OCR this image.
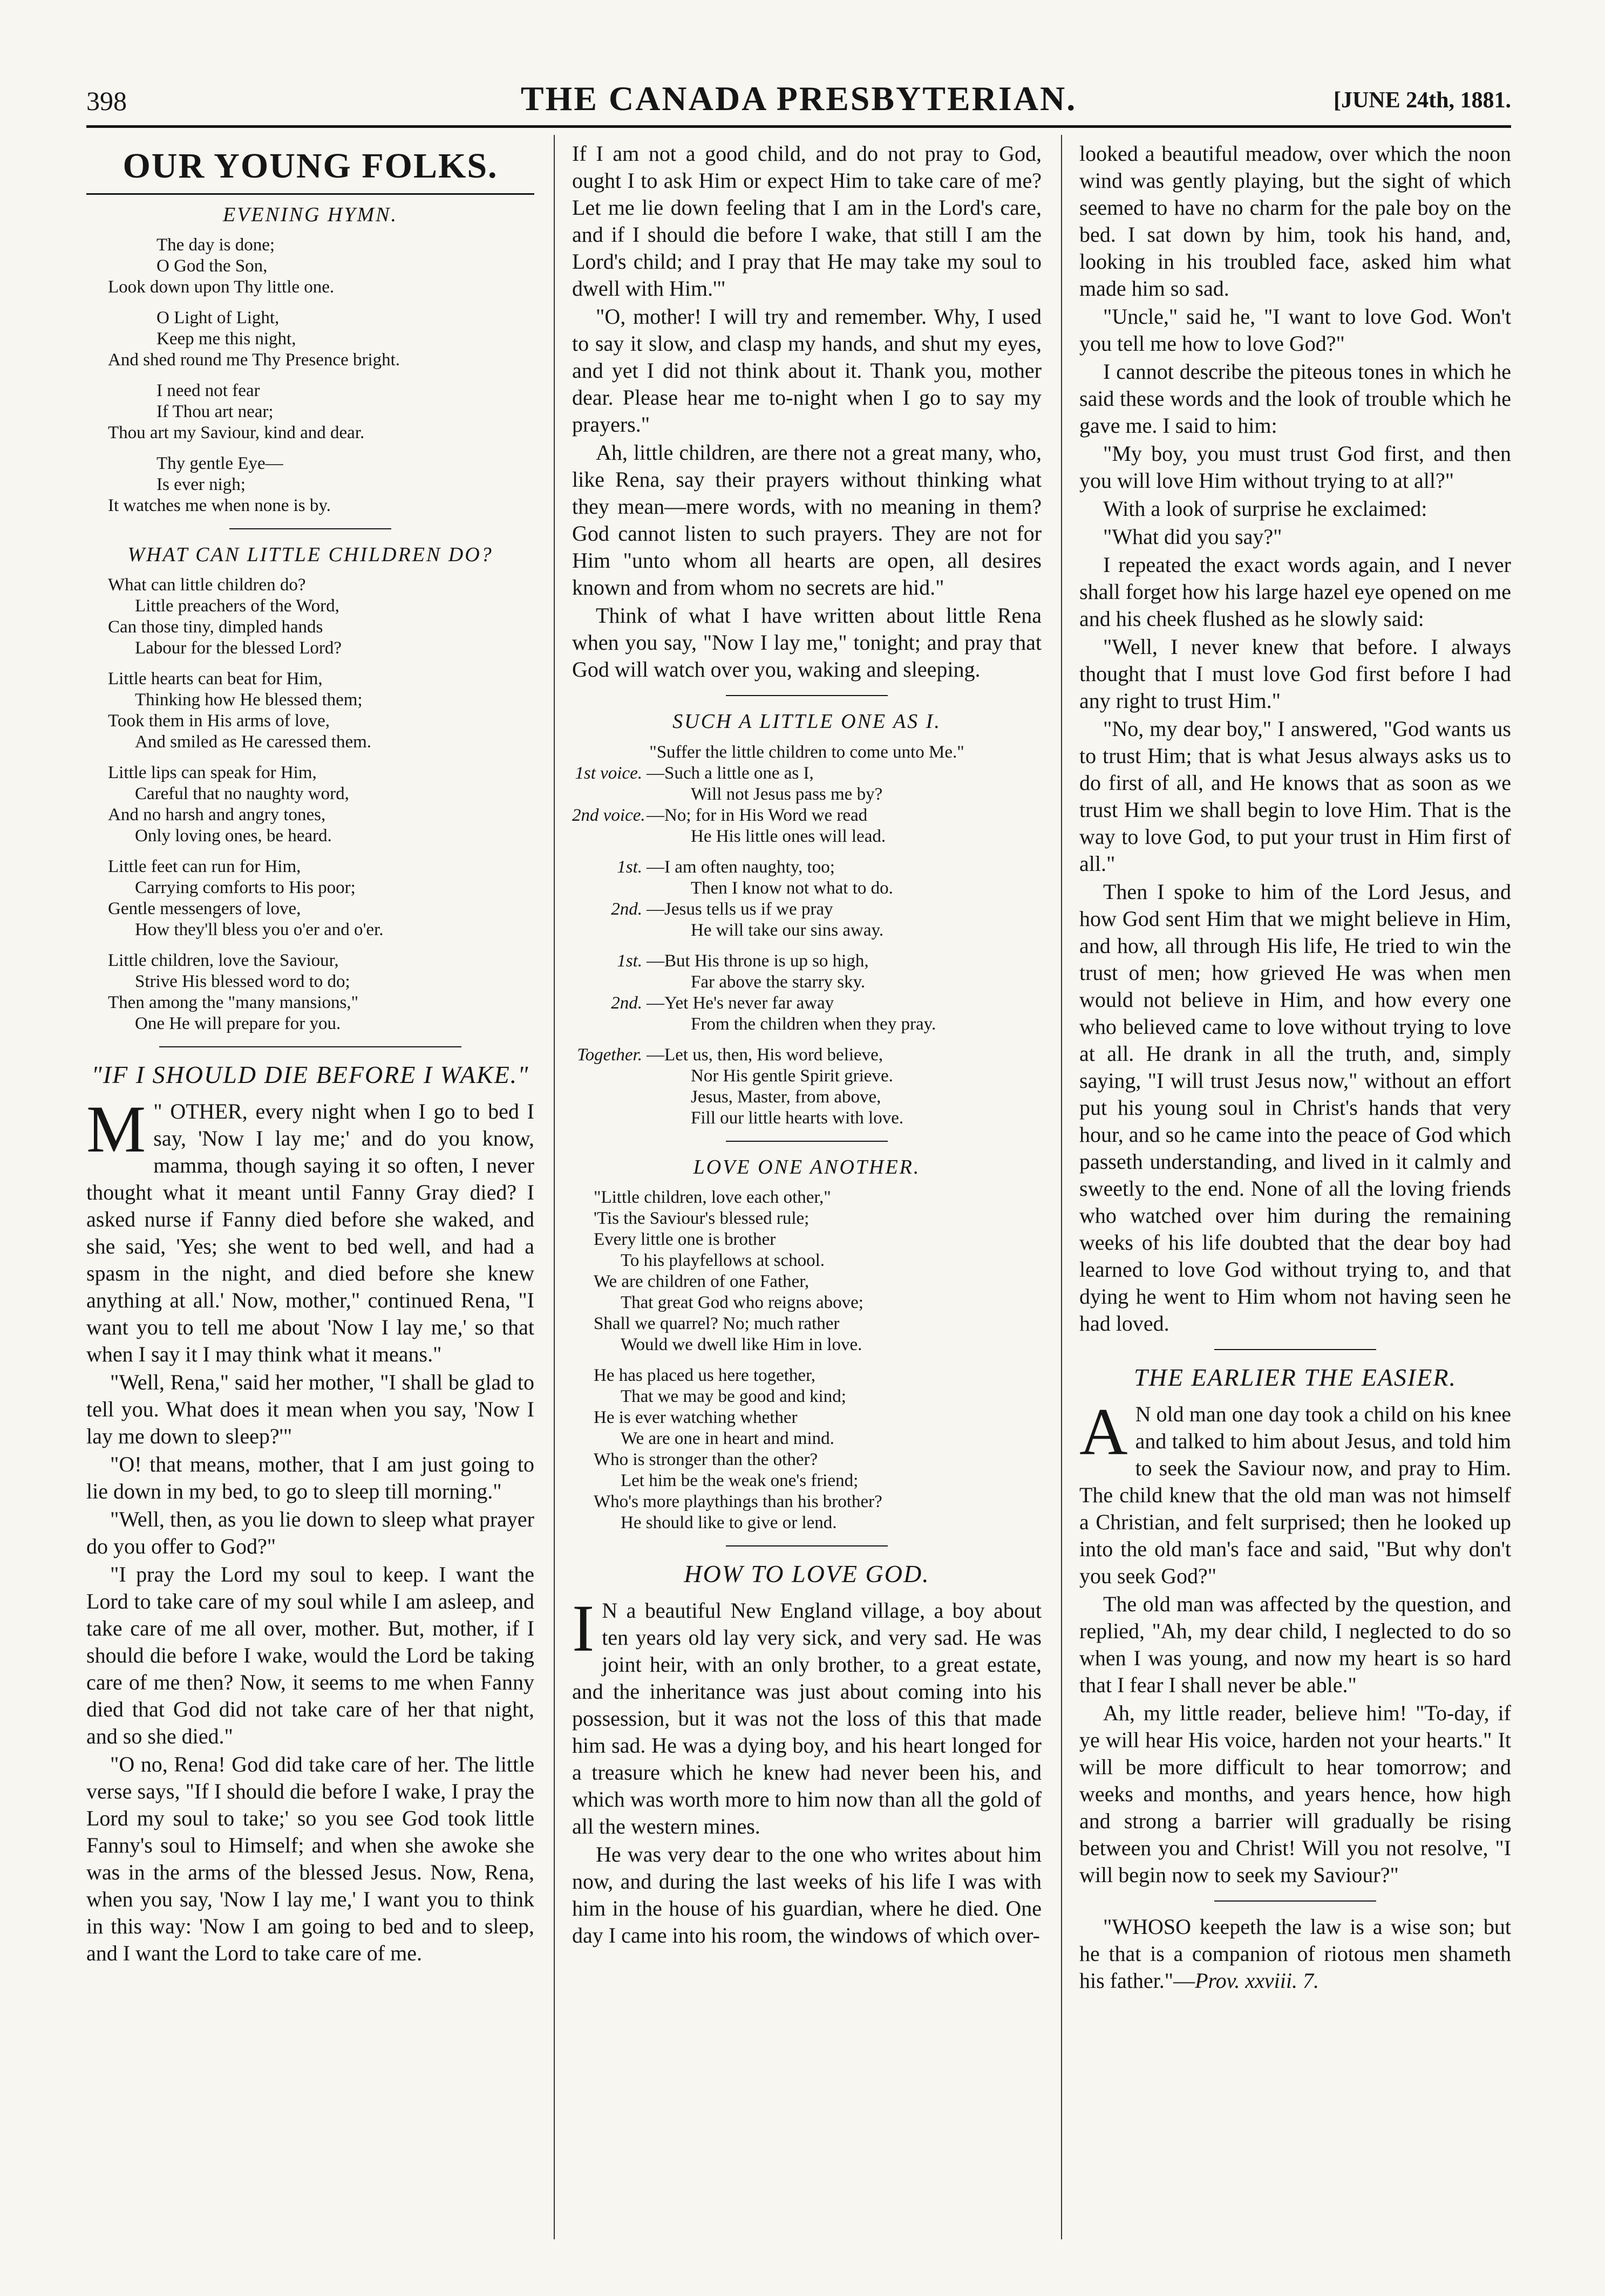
398	THE CANADA PRESBYTERIAN.	[JUNE 24th, 1881.
OUR YOUNG FOLKS.
EVENING HYMN.
The day is done;
O God the Son,
Look down upon Thy little one.
O Light of Light,
Keep me this night,
And shed round me Thy Presence bright.
I need not fear
If Thou art near;
Thou art my Saviour, kind and dear.
Thy gentle Eye—
Is ever nigh;
It watches me when none is by.
WHAT CAN LITTLE CHILDREN DO?
What can little children do?
Little preachers of the Word,
Can those tiny, dimpled hands
Labour for the blessed Lord?
Little hearts can beat for Him,
Thinking how He blessed them;
Took them in His arms of love,
And smiled as He caressed them.
Little lips can speak for Him,
Careful that no naughty word,
And no harsh and angry tones,
Only loving ones, be heard.
Little feet can run for Him,
Carrying comforts to His poor;
Gentle messengers of love,
How they'll bless you o'er and o'er.
Little children, love the Saviour,
Strive His blessed word to do;
Then among the "many mansions,"
One He will prepare for you.
"IF I SHOULD DIE BEFORE I WAKE."

M " OTHER, every night when I go to bed I say, 'Now I lay me;' and do you know, mamma, though saying it so often, I never thought what it meant until Fanny Gray died? I asked nurse if Fanny died before she waked, and she said, 'Yes; she went to bed well, and had a spasm in the night, and died before she knew anything at all.' Now, mother," continued Rena, "I want you to tell me about 'Now I lay me,' so that when I say it I may think what it means."

"Well, Rena," said her mother, "I shall be glad to tell you. What does it mean when you say, 'Now I lay me down to sleep?'"

"O! that means, mother, that I am just going to lie down in my bed, to go to sleep till morning."

"Well, then, as you lie down to sleep what prayer do you offer to God?"

"I pray the Lord my soul to keep. I want the Lord to take care of my soul while I am asleep, and take care of me all over, mother. But, mother, if I should die before I wake, would the Lord be taking care of me then? Now, it seems to me when Fanny died that God did not take care of her that night, and so she died."

"O no, Rena! God did take care of her. The little verse says, "If I should die before I wake, I pray the Lord my soul to take;' so you see God took little Fanny's soul to Himself; and when she awoke she was in the arms of the blessed Jesus. Now, Rena, when you say, 'Now I lay me,' I want you to think in this way: 'Now I am going to bed and to sleep, and I want the Lord to take care of me.

If I am not a good child, and do not pray to God, ought I to ask Him or expect Him to take care of me? Let me lie down feeling that I am in the Lord's care, and if I should die before I wake, that still I am the Lord's child; and I pray that He may take my soul to dwell with Him.'"

"O, mother! I will try and remember. Why, I used to say it slow, and clasp my hands, and shut my eyes, and yet I did not think about it. Thank you, mother dear. Please hear me to-night when I go to say my prayers."

Ah, little children, are there not a great many, who, like Rena, say their prayers without thinking what they mean—mere words, with no meaning in them? God cannot listen to such prayers. They are not for Him "unto whom all hearts are open, all desires known and from whom no secrets are hid."

Think of what I have written about little Rena when you say, "Now I lay me," tonight; and pray that God will watch over you, waking and sleeping.

SUCH A LITTLE ONE AS I.
"Suffer the little children to come unto Me."
1st voice. —Such a little one as I,
Will not Jesus pass me by?
2nd voice.—No; for in His Word we read
He His little ones will lead.
1st. —I am often naughty, too;
Then I know not what to do.
2nd. —Jesus tells us if we pray
He will take our sins away.
1st. —But His throne is up so high,
Far above the starry sky.
2nd. —Yet He's never far away
From the children when they pray.
Together. —Let us, then, His word believe,
Nor His gentle Spirit grieve.
Jesus, Master, from above,
Fill our little hearts with love.
LOVE ONE ANOTHER.
"Little children, love each other,"
'Tis the Saviour's blessed rule;
Every little one is brother
To his playfellows at school.
We are children of one Father,
That great God who reigns above;
Shall we quarrel? No; much rather
Would we dwell like Him in love.
He has placed us here together,
That we may be good and kind;
He is ever watching whether
We are one in heart and mind.
Who is stronger than the other?
Let him be the weak one's friend;
Who's more playthings than his brother?
He should like to give or lend.
HOW TO LOVE GOD.

I N a beautiful New England village, a boy about ten years old lay very sick, and very sad. He was joint heir, with an only brother, to a great estate, and the inheritance was just about coming into his possession, but it was not the loss of this that made him sad. He was a dying boy, and his heart longed for a treasure which he knew had never been his, and which was worth more to him now than all the gold of all the western mines.

He was very dear to the one who writes about him now, and during the last weeks of his life I was with him in the house of his guardian, where he died. One day I came into his room, the windows of which over-

looked a beautiful meadow, over which the noon wind was gently playing, but the sight of which seemed to have no charm for the pale boy on the bed. I sat down by him, took his hand, and, looking in his troubled face, asked him what made him so sad.

"Uncle," said he, "I want to love God. Won't you tell me how to love God?"

I cannot describe the piteous tones in which he said these words and the look of trouble which he gave me. I said to him:

"My boy, you must trust God first, and then you will love Him without trying to at all?"

With a look of surprise he exclaimed:

"What did you say?"

I repeated the exact words again, and I never shall forget how his large hazel eye opened on me and his cheek flushed as he slowly said:

"Well, I never knew that before. I always thought that I must love God first before I had any right to trust Him."

"No, my dear boy," I answered, "God wants us to trust Him; that is what Jesus always asks us to do first of all, and He knows that as soon as we trust Him we shall begin to love Him. That is the way to love God, to put your trust in Him first of all."

Then I spoke to him of the Lord Jesus, and how God sent Him that we might believe in Him, and how, all through His life, He tried to win the trust of men; how grieved He was when men would not believe in Him, and how every one who believed came to love without trying to love at all. He drank in all the truth, and, simply saying, "I will trust Jesus now," without an effort put his young soul in Christ's hands that very hour, and so he came into the peace of God which passeth understanding, and lived in it calmly and sweetly to the end. None of all the loving friends who watched over him during the remaining weeks of his life doubted that the dear boy had learned to love God without trying to, and that dying he went to Him whom not having seen he had loved.

THE EARLIER THE EASIER.

A N old man one day took a child on his knee and talked to him about Jesus, and told him to seek the Saviour now, and pray to Him. The child knew that the old man was not himself a Christian, and felt surprised; then he looked up into the old man's face and said, "But why don't you seek God?"

The old man was affected by the question, and replied, "Ah, my dear child, I neglected to do so when I was young, and now my heart is so hard that I fear I shall never be able."

Ah, my little reader, believe him! "To-day, if ye will hear His voice, harden not your hearts." It will be more difficult to hear tomorrow; and weeks and months, and years hence, how high and strong a barrier will gradually be rising between you and Christ! Will you not resolve, "I will begin now to seek my Saviour?"

"WHOSO keepeth the law is a wise son; but he that is a companion of riotous men shameth his father."—Prov. xxviii. 7.
